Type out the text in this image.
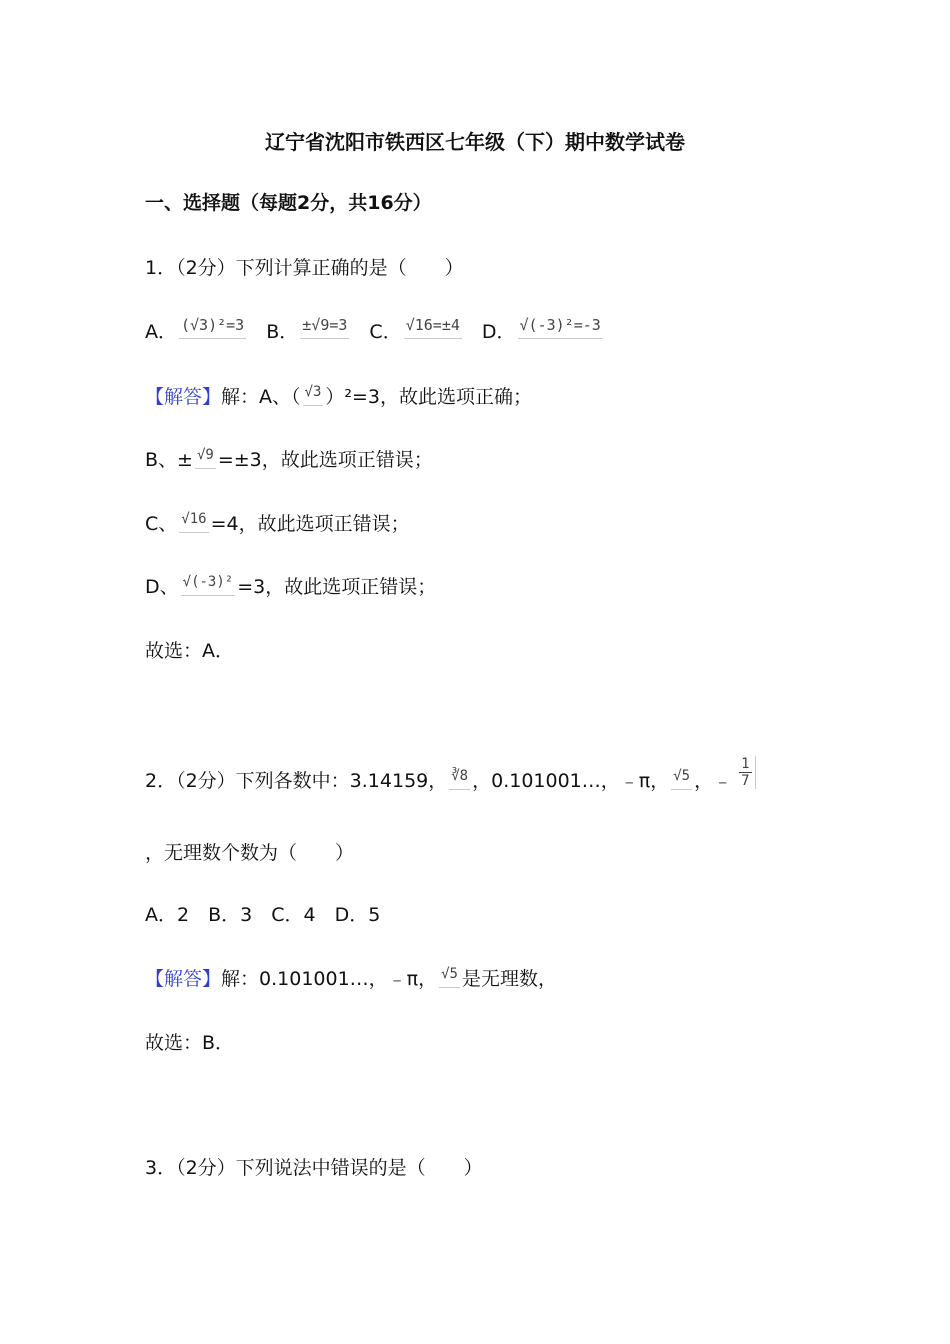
辽宁省沈阳市铁西区七年级（下）期中数学试卷
一、选择题（每题2分，共16分）
1．（2分）下列计算正确的是（　　）
A． (√3)²=3 B． ±√9=3 C． √16=±4 D． √(-3)²=-3
【解答】 解：A、（ √3 ）²=3，故此选项正确；
B、± √9 =±3，故此选项正错误；
C、 √16 =4，故此选项正错误；
D、 √(-3)² =3，故此选项正错误；
故选：A．
2．（2分）下列各数中：3.14159， ∛8 ，0.101001…，﹣π， √5 ，﹣ $\frac{1}{7}$
，无理数个数为（　　）
A．2　B．3　C．4　D．5
【解答】 解：0.101001…，﹣π， √5 是无理数，
故选：B．
3．（2分）下列说法中错误的是（　　）
